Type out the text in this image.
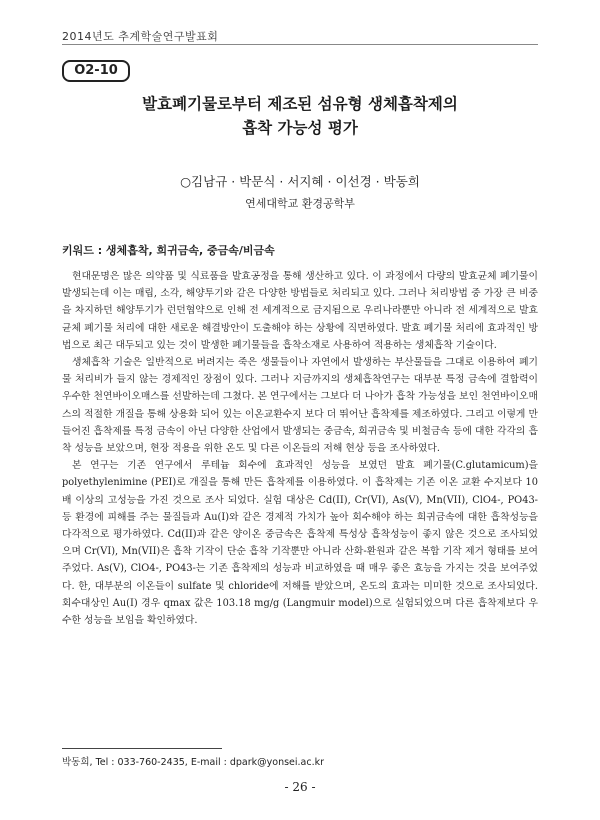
2014년도 추계학술연구발표회
O2-10
발효폐기물로부터 제조된 섬유형 생체흡착제의
흡착 가능성 평가
○김남규 · 박문식 · 서지혜 · 이선경 · 박동희
연세대학교 환경공학부
키워드 : 생체흡착, 희귀금속, 중금속/비금속

현대문명은 많은 의약품 및 식료품을 발효공정을 통해 생산하고 있다. 이 과정에서 다량의 발효균체 폐기물이 발생되는데 이는 매립, 소각, 해양투기와 같은 다양한 방법들로 처리되고 있다. 그러나 처리방법 중 가장 큰 비중을 차지하던 해양투기가 런던협약으로 인해 전 세계적으로 금지됨으로 우리나라뿐만 아니라 전 세계적으로 발효균체 폐기물 처리에 대한 새로운 해결방안이 도출해야 하는 상황에 직면하였다. 발효 폐기물 처리에 효과적인 방법으로 최근 대두되고 있는 것이 발생한 폐기물들을 흡착소재로 사용하여 적용하는 생체흡착 기술이다.

생체흡착 기술은 일반적으로 버려지는 죽은 생물들이나 자연에서 발생하는 부산물들을 그대로 이용하여 폐기물 처리비가 들지 않는 경제적인 장점이 있다. 그러나 지금까지의 생체흡착연구는 대부분 특정 금속에 결합력이 우수한 천연바이오매스를 선발하는데 그쳤다. 본 연구에서는 그보다 더 나아가 흡착 가능성을 보인 천연바이오매스의 적절한 개질을 통해 상용화 되어 있는 이온교환수지 보다 더 뛰어난 흡착제를 제조하였다. 그리고 이렇게 만들어진 흡착제를 특정 금속이 아닌 다양한 산업에서 발생되는 중금속, 희귀금속 및 비철금속 등에 대한 각각의 흡착 성능을 보았으며, 현장 적용을 위한 온도 및 다른 이온들의 저해 현상 등을 조사하였다.

본 연구는 기존 연구에서 루테늄 회수에 효과적인 성능을 보였던 발효 폐기물(C.glutamicum)을 polyethylenimine (PEI)로 개질을 통해 만든 흡착제를 이용하였다. 이 흡착제는 기존 이온 교환 수지보다 10배 이상의 고성능을 가진 것으로 조사 되었다. 실험 대상은 Cd(II), Cr(VI), As(V), Mn(VII), ClO4-, PO43- 등 환경에 피해를 주는 물질들과 Au(I)와 같은 경제적 가치가 높아 회수해야 하는 희귀금속에 대한 흡착성능을 다각적으로 평가하였다. Cd(II)과 같은 양이온 중금속은 흡착제 특성상 흡착성능이 좋지 않은 것으로 조사되었으며 Cr(VI), Mn(VII)은 흡착 기작이 단순 흡착 기작뿐만 아니라 산화-환원과 같은 복합 기작 제거 형태를 보여주었다. As(V), ClO4-, PO43-는 기존 흡착제의 성능과 비교하였을 때 매우 좋은 효능을 가지는 것을 보여주었다. 한, 대부분의 이온들이 sulfate 및 chloride에 저해를 받았으며, 온도의 효과는 미미한 것으로 조사되었다. 회수대상인 Au(I) 경우 qmax 값은 103.18 mg/g (Langmuir model)으로 실험되었으며 다른 흡착제보다 우수한 성능을 보임을 확인하였다.

박동희, Tel : 033-760-2435, E-mail : dpark@yonsei.ac.kr
- 26 -
